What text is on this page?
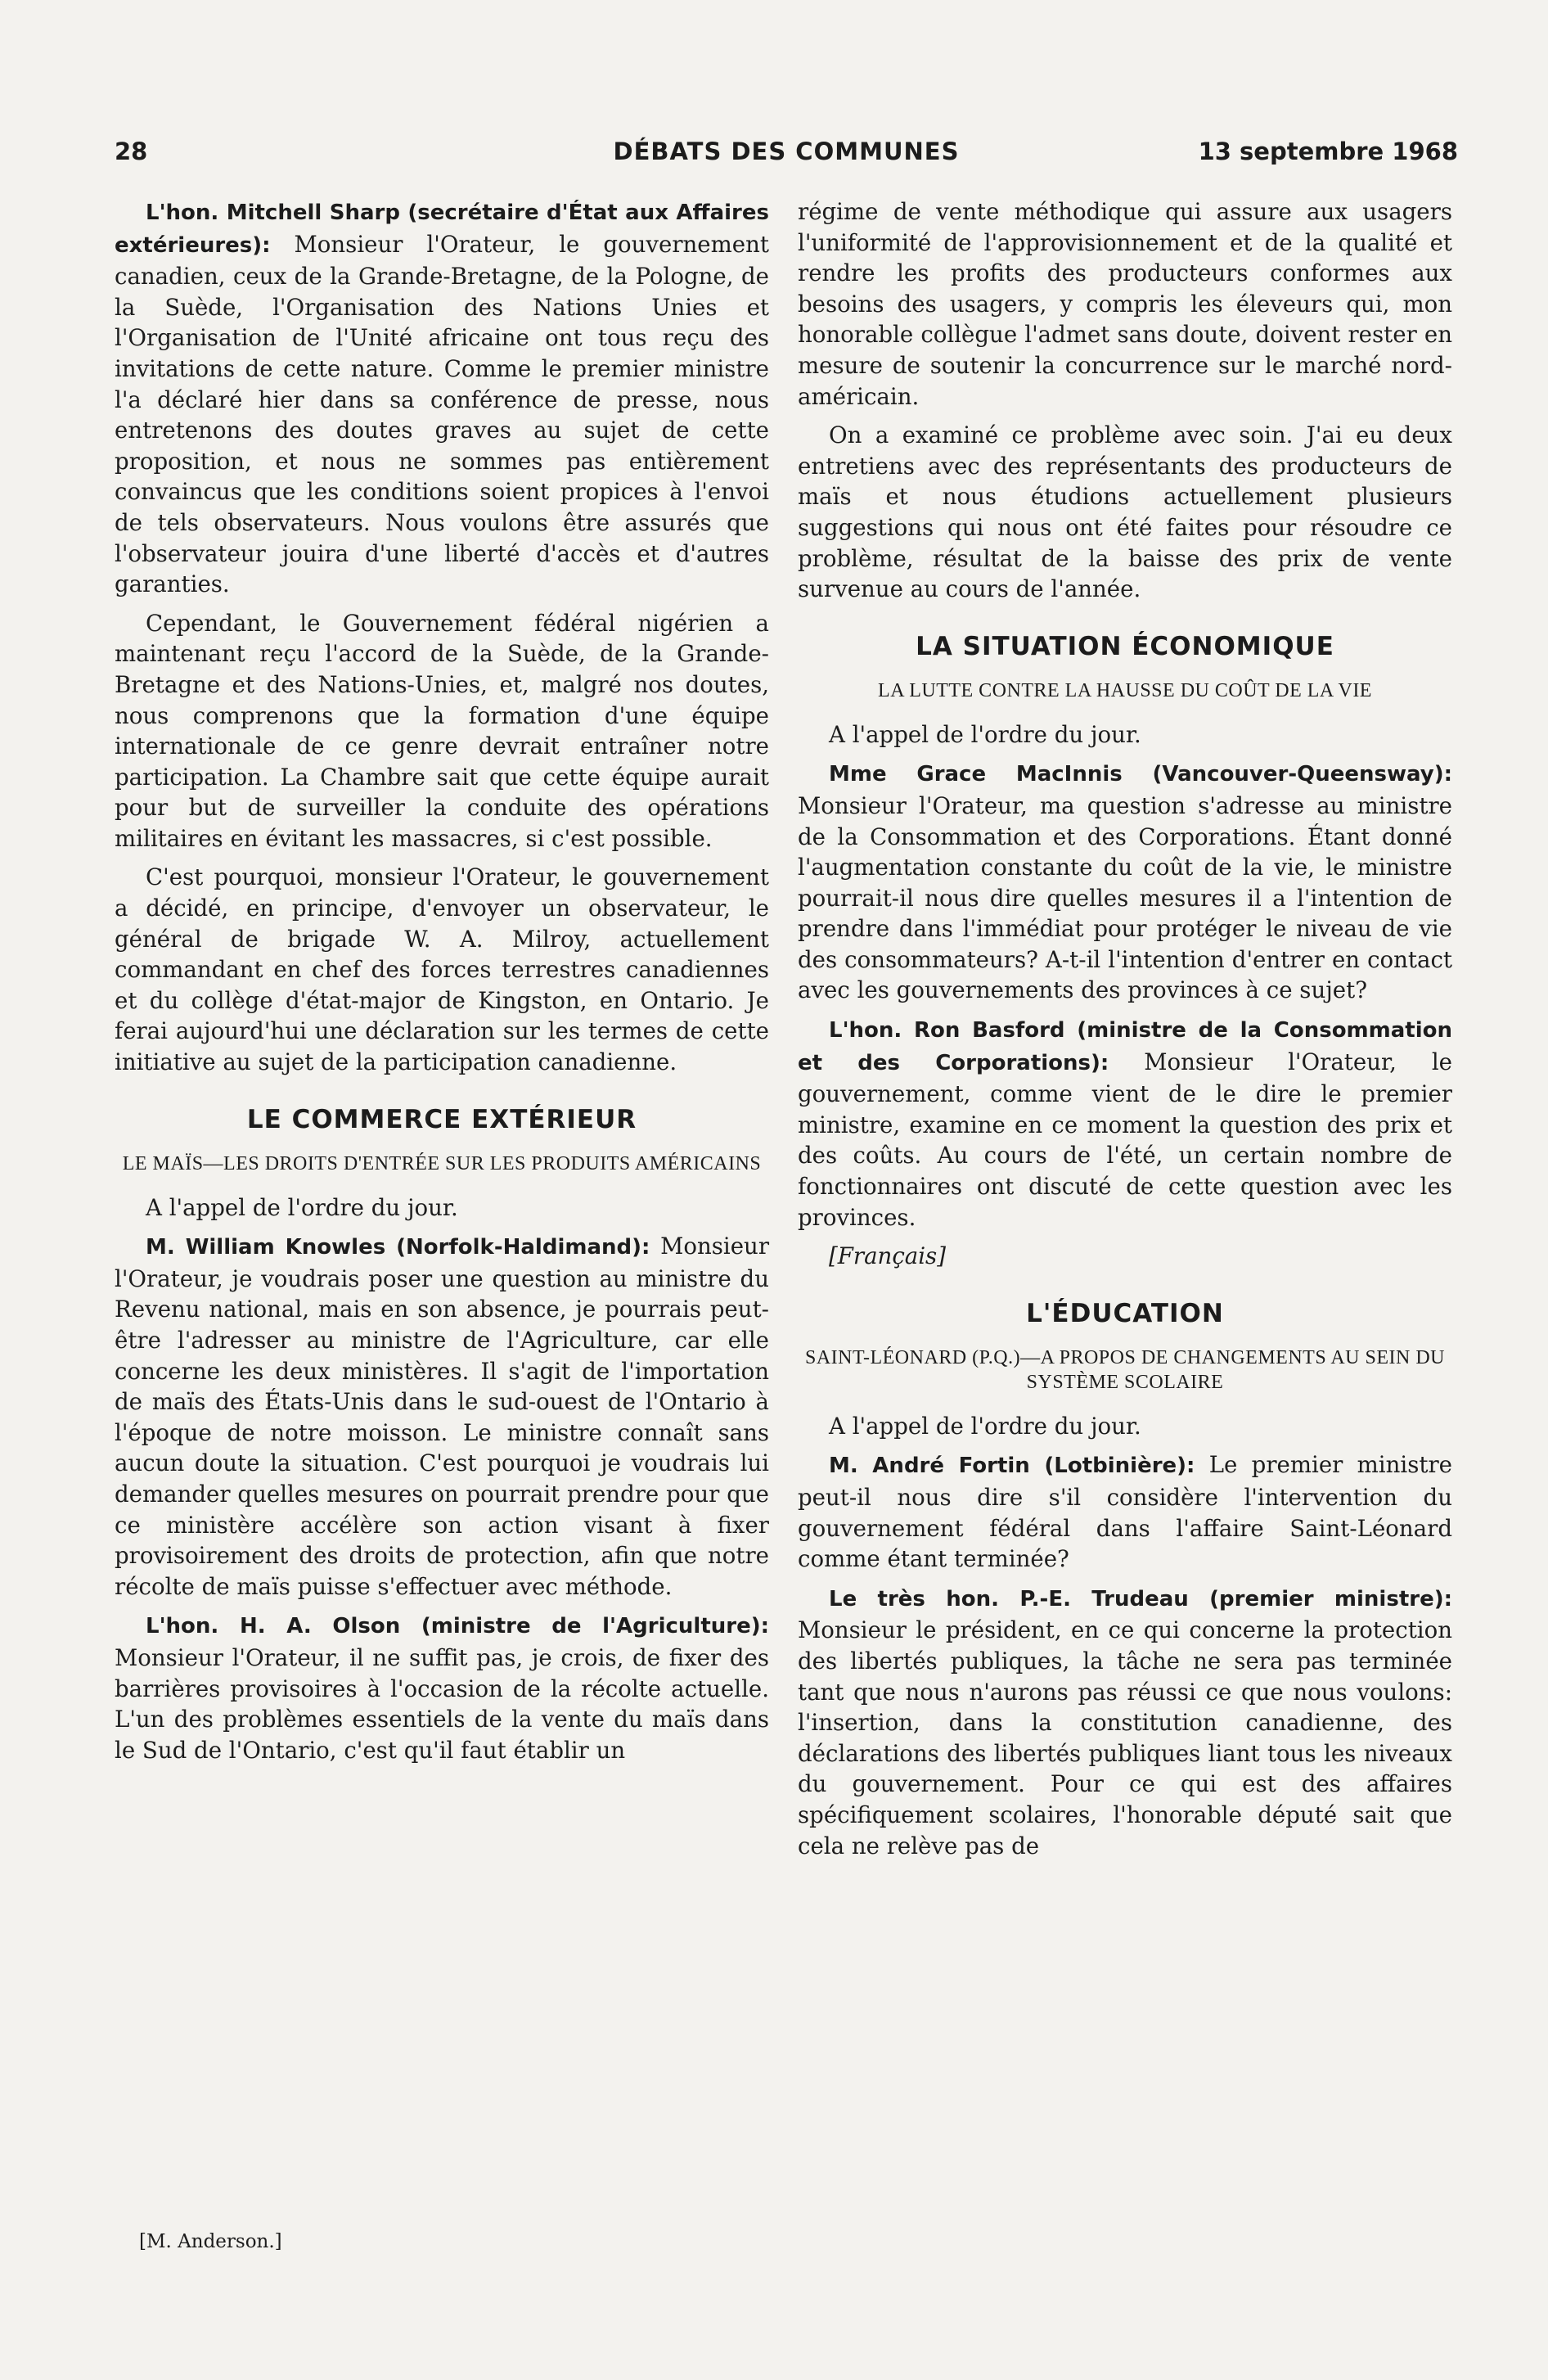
28	DÉBATS DES COMMUNES	13 septembre 1968

L'hon. Mitchell Sharp (secrétaire d'État aux Affaires extérieures): Monsieur l'Orateur, le gouvernement canadien, ceux de la Grande-Bretagne, de la Pologne, de la Suède, l'Organisation des Nations Unies et l'Organisation de l'Unité africaine ont tous reçu des invitations de cette nature. Comme le premier ministre l'a déclaré hier dans sa conférence de presse, nous entretenons des doutes graves au sujet de cette proposition, et nous ne sommes pas entièrement convaincus que les conditions soient propices à l'envoi de tels observateurs. Nous voulons être assurés que l'observateur jouira d'une liberté d'accès et d'autres garanties.

Cependant, le Gouvernement fédéral nigérien a maintenant reçu l'accord de la Suède, de la Grande-Bretagne et des Nations-Unies, et, malgré nos doutes, nous comprenons que la formation d'une équipe internationale de ce genre devrait entraîner notre participation. La Chambre sait que cette équipe aurait pour but de surveiller la conduite des opérations militaires en évitant les massacres, si c'est possible.

C'est pourquoi, monsieur l'Orateur, le gouvernement a décidé, en principe, d'envoyer un observateur, le général de brigade W. A. Milroy, actuellement commandant en chef des forces terrestres canadiennes et du collège d'état-major de Kingston, en Ontario. Je ferai aujourd'hui une déclaration sur les termes de cette initiative au sujet de la participation canadienne.

LE COMMERCE EXTÉRIEUR
LE MAÏS—LES DROITS D'ENTRÉE SUR LES PRODUITS AMÉRICAINS

A l'appel de l'ordre du jour.

M. William Knowles (Norfolk-Haldimand): Monsieur l'Orateur, je voudrais poser une question au ministre du Revenu national, mais en son absence, je pourrais peut-être l'adresser au ministre de l'Agriculture, car elle concerne les deux ministères. Il s'agit de l'importation de maïs des États-Unis dans le sud-ouest de l'Ontario à l'époque de notre moisson. Le ministre connaît sans aucun doute la situation. C'est pourquoi je voudrais lui demander quelles mesures on pourrait prendre pour que ce ministère accélère son action visant à fixer provisoirement des droits de protection, afin que notre récolte de maïs puisse s'effectuer avec méthode.

L'hon. H. A. Olson (ministre de l'Agriculture): Monsieur l'Orateur, il ne suffit pas, je crois, de fixer des barrières provisoires à l'occasion de la récolte actuelle. L'un des problèmes essentiels de la vente du maïs dans le Sud de l'Ontario, c'est qu'il faut établir un

régime de vente méthodique qui assure aux usagers l'uniformité de l'approvisionnement et de la qualité et rendre les profits des producteurs conformes aux besoins des usagers, y compris les éleveurs qui, mon honorable collègue l'admet sans doute, doivent rester en mesure de soutenir la concurrence sur le marché nord-américain.

On a examiné ce problème avec soin. J'ai eu deux entretiens avec des représentants des producteurs de maïs et nous étudions actuellement plusieurs suggestions qui nous ont été faites pour résoudre ce problème, résultat de la baisse des prix de vente survenue au cours de l'année.

LA SITUATION ÉCONOMIQUE
LA LUTTE CONTRE LA HAUSSE DU COÛT DE LA VIE

A l'appel de l'ordre du jour.

Mme Grace MacInnis (Vancouver-Queensway): Monsieur l'Orateur, ma question s'adresse au ministre de la Consommation et des Corporations. Étant donné l'augmentation constante du coût de la vie, le ministre pourrait-il nous dire quelles mesures il a l'intention de prendre dans l'immédiat pour protéger le niveau de vie des consommateurs? A-t-il l'intention d'entrer en contact avec les gouvernements des provinces à ce sujet?

L'hon. Ron Basford (ministre de la Consommation et des Corporations): Monsieur l'Orateur, le gouvernement, comme vient de le dire le premier ministre, examine en ce moment la question des prix et des coûts. Au cours de l'été, un certain nombre de fonctionnaires ont discuté de cette question avec les provinces.

[Français]

L'ÉDUCATION
SAINT-LÉONARD (P.Q.)—A PROPOS DE CHANGEMENTS AU SEIN DU SYSTÈME SCOLAIRE

A l'appel de l'ordre du jour.

M. André Fortin (Lotbinière): Le premier ministre peut-il nous dire s'il considère l'intervention du gouvernement fédéral dans l'affaire Saint-Léonard comme étant terminée?

Le très hon. P.-E. Trudeau (premier ministre): Monsieur le président, en ce qui concerne la protection des libertés publiques, la tâche ne sera pas terminée tant que nous n'aurons pas réussi ce que nous voulons: l'insertion, dans la constitution canadienne, des déclarations des libertés publiques liant tous les niveaux du gouvernement. Pour ce qui est des affaires spécifiquement scolaires, l'honorable député sait que cela ne relève pas de

[M. Anderson.]
